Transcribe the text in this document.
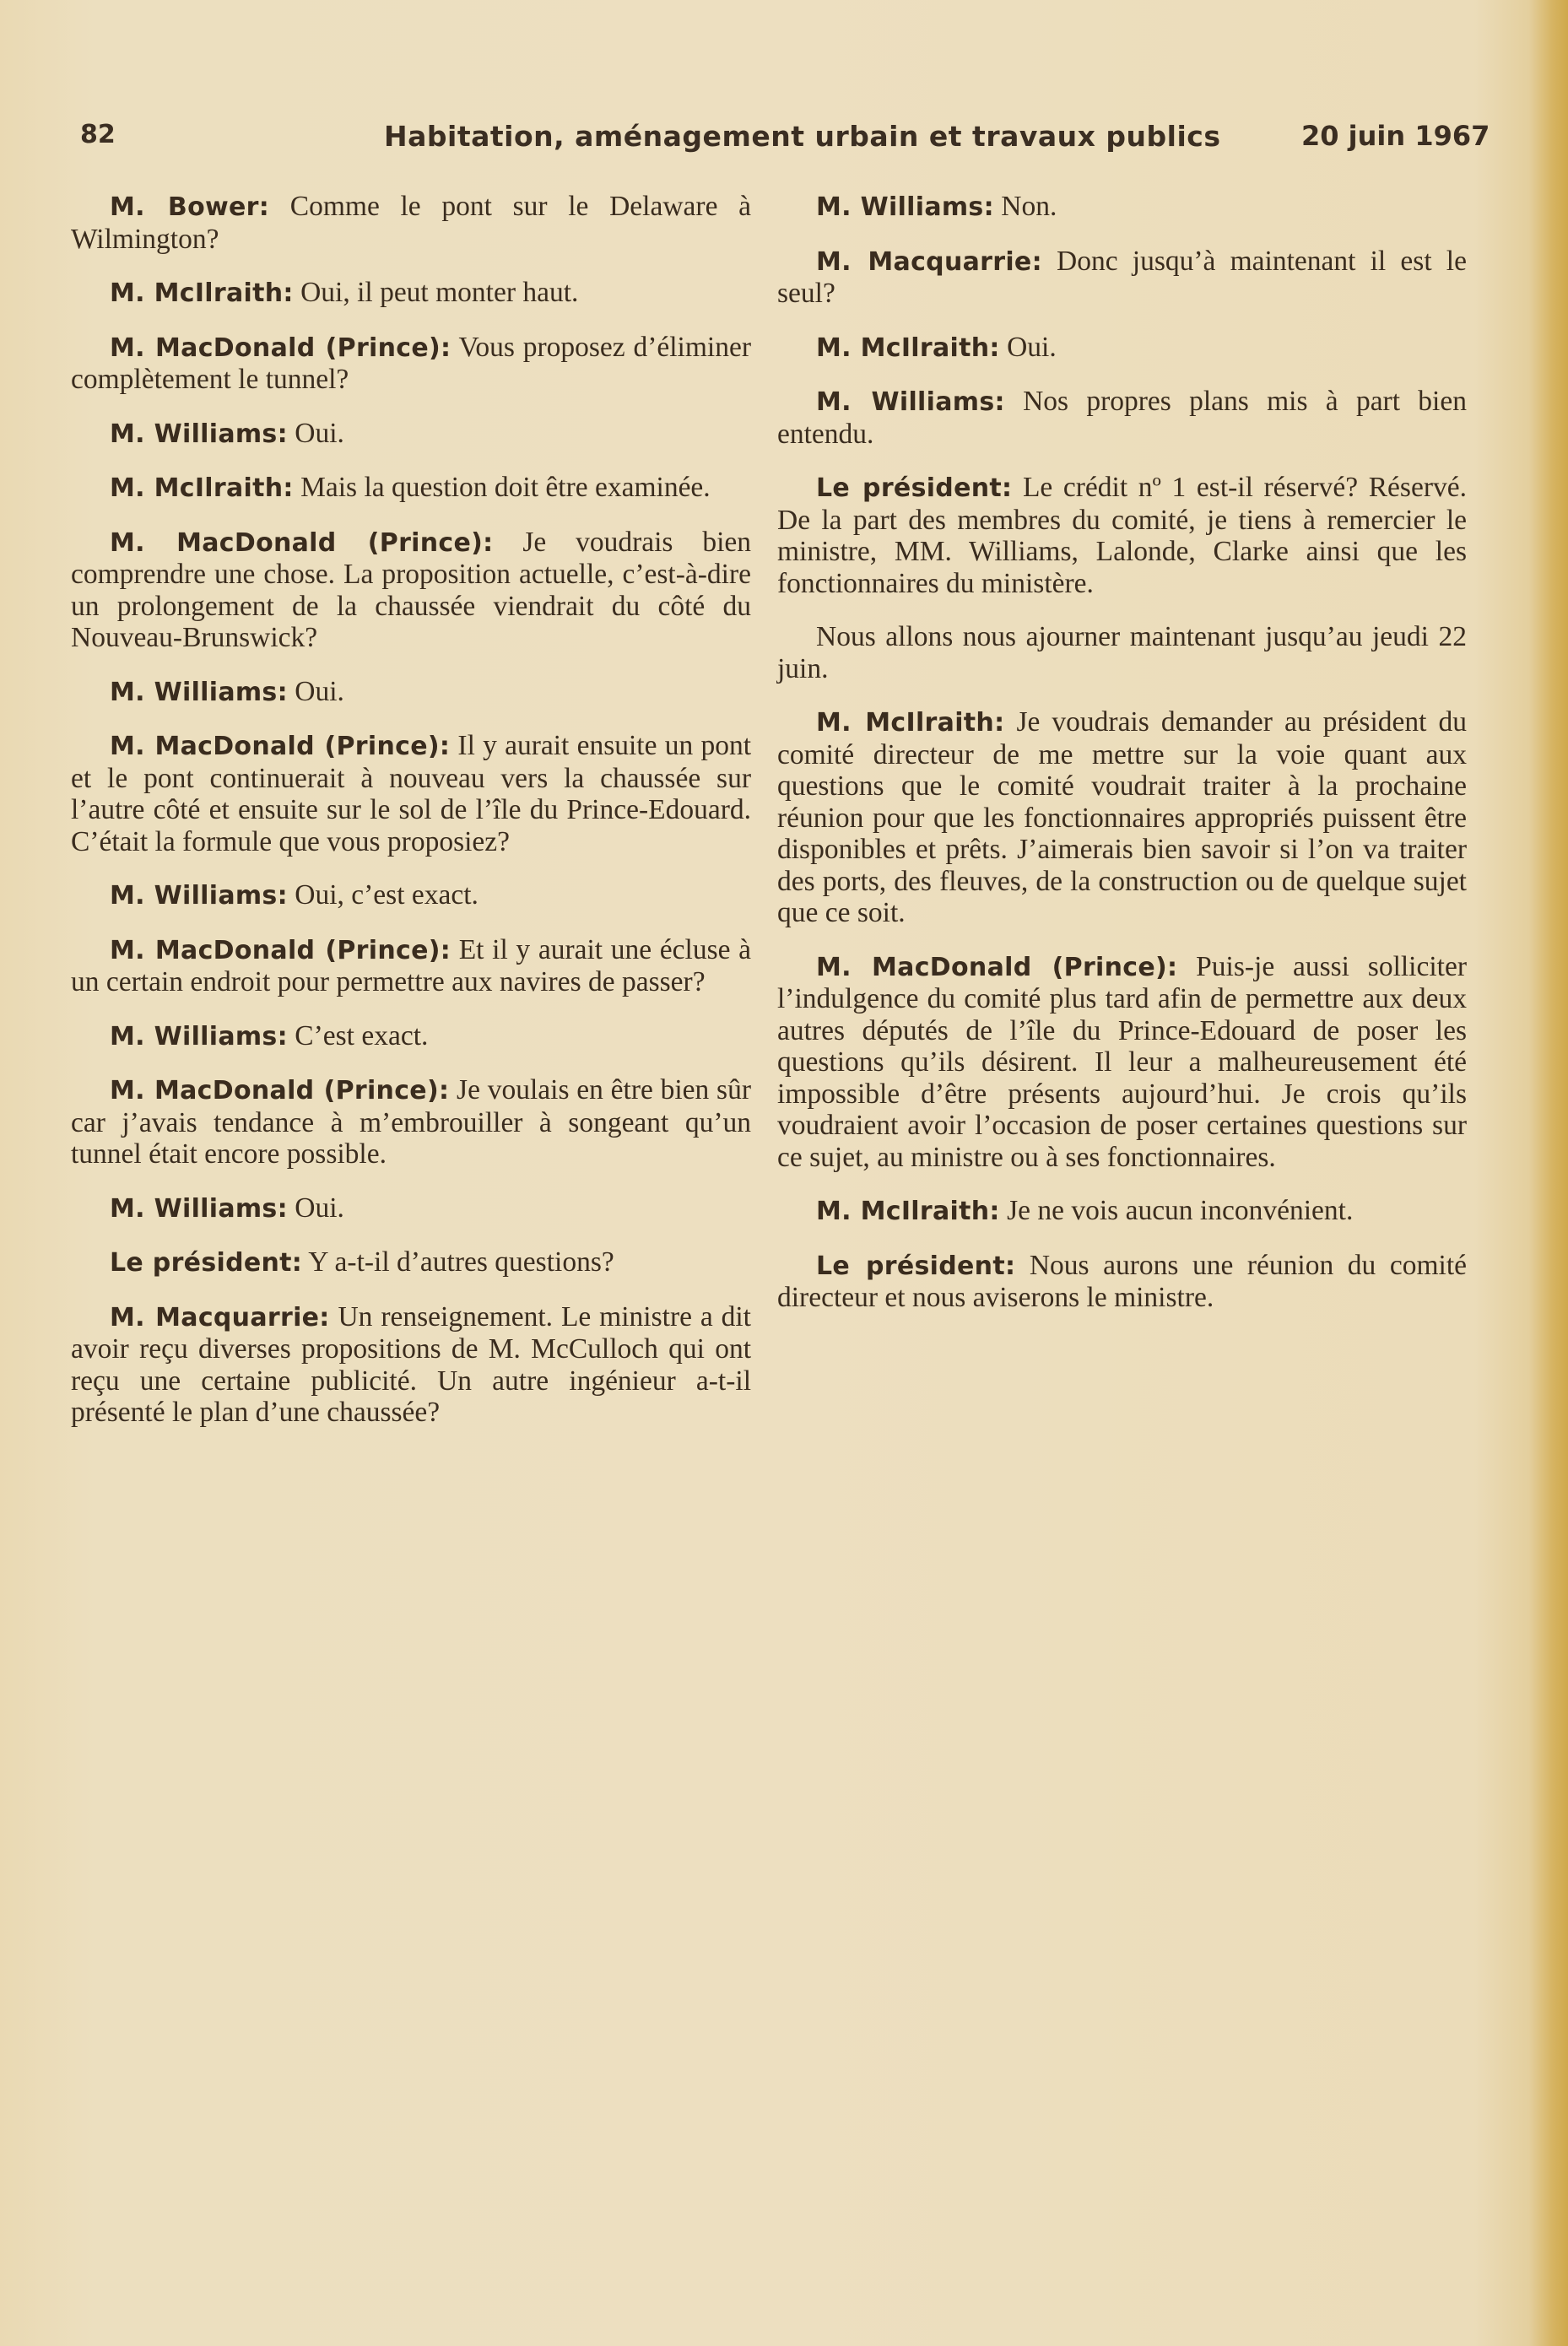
82	Habitation, aménagement urbain et travaux publics	20 juin 1967

M. Bower: Comme le pont sur le Delaware à Wilmington?

M. McIlraith: Oui, il peut monter haut.

M. MacDonald (Prince): Vous proposez d’éliminer complètement le tunnel?

M. Williams: Oui.

M. McIlraith: Mais la question doit être examinée.

M. MacDonald (Prince): Je voudrais bien comprendre une chose. La proposition actuelle, c’est-à-dire un prolongement de la chaussée viendrait du côté du Nouveau-Brunswick?

M. Williams: Oui.

M. MacDonald (Prince): Il y aurait ensuite un pont et le pont continuerait à nouveau vers la chaussée sur l’autre côté et ensuite sur le sol de l’île du Prince-Edouard. C’était la formule que vous proposiez?

M. Williams: Oui, c’est exact.

M. MacDonald (Prince): Et il y aurait une écluse à un certain endroit pour permettre aux navires de passer?

M. Williams: C’est exact.

M. MacDonald (Prince): Je voulais en être bien sûr car j’avais tendance à m’embrouiller à songeant qu’un tunnel était encore possible.

M. Williams: Oui.

Le président: Y a-t-il d’autres questions?

M. Macquarrie: Un renseignement. Le ministre a dit avoir reçu diverses propositions de M. McCulloch qui ont reçu une certaine publicité. Un autre ingénieur a-t-il présenté le plan d’une chaussée?

M. Williams: Non.

M. Macquarrie: Donc jusqu’à maintenant il est le seul?

M. McIlraith: Oui.

M. Williams: Nos propres plans mis à part bien entendu.

Le président: Le crédit nº 1 est-il réservé? Réservé. De la part des membres du comité, je tiens à remercier le ministre, MM. Williams, Lalonde, Clarke ainsi que les fonctionnaires du ministère.

Nous allons nous ajourner maintenant jusqu’au jeudi 22 juin.

M. McIlraith: Je voudrais demander au président du comité directeur de me mettre sur la voie quant aux questions que le comité voudrait traiter à la prochaine réunion pour que les fonctionnaires appropriés puissent être disponibles et prêts. J’aimerais bien savoir si l’on va traiter des ports, des fleuves, de la construction ou de quelque sujet que ce soit.

M. MacDonald (Prince): Puis-je aussi solliciter l’indulgence du comité plus tard afin de permettre aux deux autres députés de l’île du Prince-Edouard de poser les questions qu’ils désirent. Il leur a malheureusement été impossible d’être présents aujourd’hui. Je crois qu’ils voudraient avoir l’occasion de poser certaines questions sur ce sujet, au ministre ou à ses fonctionnaires.

M. McIlraith: Je ne vois aucun inconvénient.

Le président: Nous aurons une réunion du comité directeur et nous aviserons le ministre.
